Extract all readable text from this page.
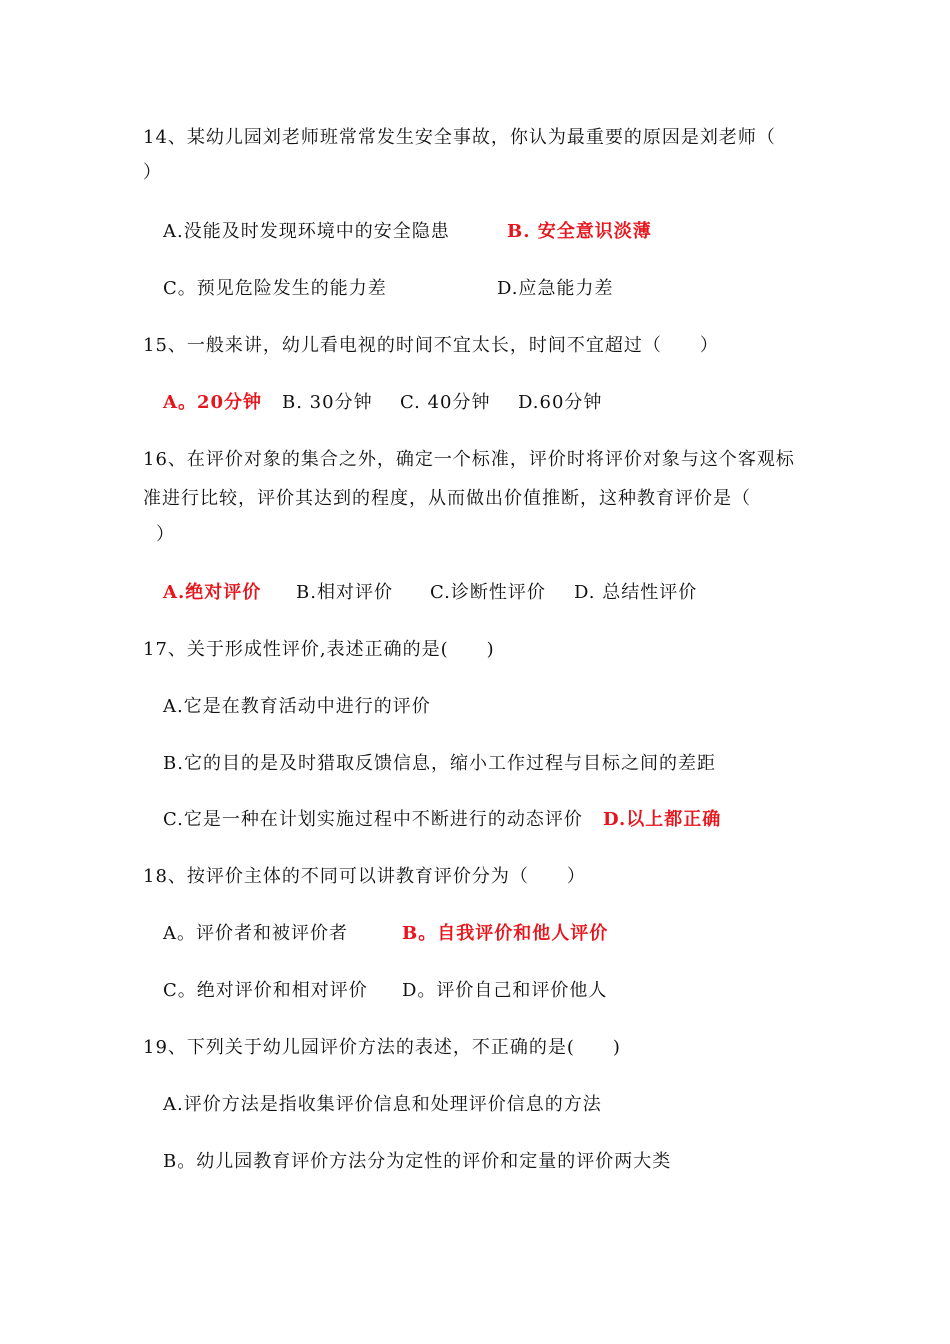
14、某幼儿园刘老师班常常发生安全事故，你认为最重要的原因是刘老师（
）
A.没能及时发现环境中的安全隐患	B. 安全意识淡薄
C。预见危险发生的能力差	D.应急能力差
15、一般来讲，幼儿看电视的时间不宜太长，时间不宜超过（　　）
A。20分钟 B. 30分钟 C. 40分钟 D.60分钟
16、在评价对象的集合之外，确定一个标准，评价时将评价对象与这个客观标
准进行比较，评价其达到的程度，从而做出价值推断，这种教育评价是（
）
A.绝对评价 B.相对评价 C.诊断性评价 D. 总结性评价
17、关于形成性评价,表述正确的是(　　)
A.它是在教育活动中进行的评价
B.它的目的是及时猎取反馈信息，缩小工作过程与目标之间的差距
C.它是一种在计划实施过程中不断进行的动态评价 D.以上都正确
18、按评价主体的不同可以讲教育评价分为（　　）
A。评价者和被评价者	B。自我评价和他人评价
C。绝对评价和相对评价 D。评价自己和评价他人
19、下列关于幼儿园评价方法的表述，不正确的是(　　)
A.评价方法是指收集评价信息和处理评价信息的方法
B。幼儿园教育评价方法分为定性的评价和定量的评价两大类
